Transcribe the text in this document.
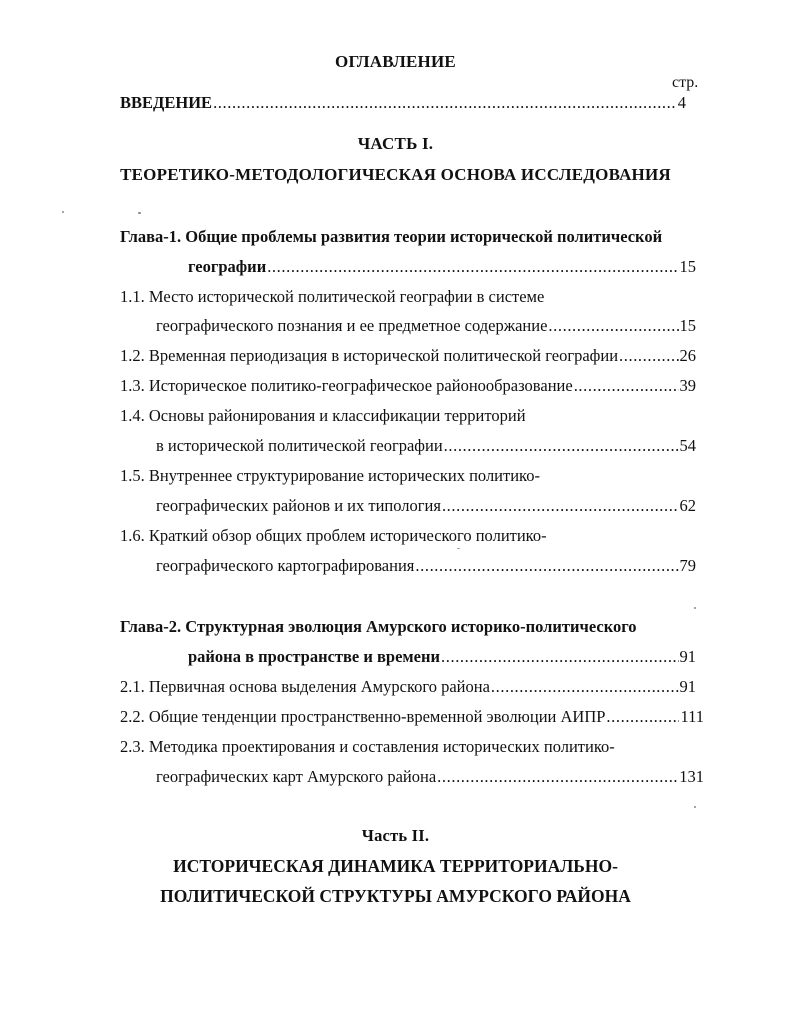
ОГЛАВЛЕНИЕ
стр.
ВВЕДЕНИЕ .....	4
ЧАСТЬ I.
ТЕОРЕТИКО-МЕТОДОЛОГИЧЕСКАЯ ОСНОВА ИССЛЕДОВАНИЯ
Глава-1. Общие проблемы развития теории исторической политической
географии .....	15
1.1. Место исторической политической географии в системе
географического познания и ее предметное содержание .....	15
1.2. Временная периодизация в исторической политической географии .....	26
1.3. Историческое политико-географическое районообразование .....	39
1.4. Основы районирования и классификации территорий
в исторической политической географии .....	54
1.5. Внутреннее структурирование исторических политико-
географических районов и их типология .....	62
1.6. Краткий обзор общих проблем исторического политико-
географического картографирования .....	79
Глава-2. Структурная эволюция Амурского историко-политического
района в пространстве и времени .....	91
2.1. Первичная основа выделения Амурского района .....	91
2.2. Общие тенденции пространственно-временной эволюции АИПР .....	111
2.3. Методика проектирования и составления исторических политико-
географических карт Амурского района .....	131
Часть II.
ИСТОРИЧЕСКАЯ ДИНАМИКА ТЕРРИТОРИАЛЬНО-
ПОЛИТИЧЕСКОЙ СТРУКТУРЫ АМУРСКОГО РАЙОНА
